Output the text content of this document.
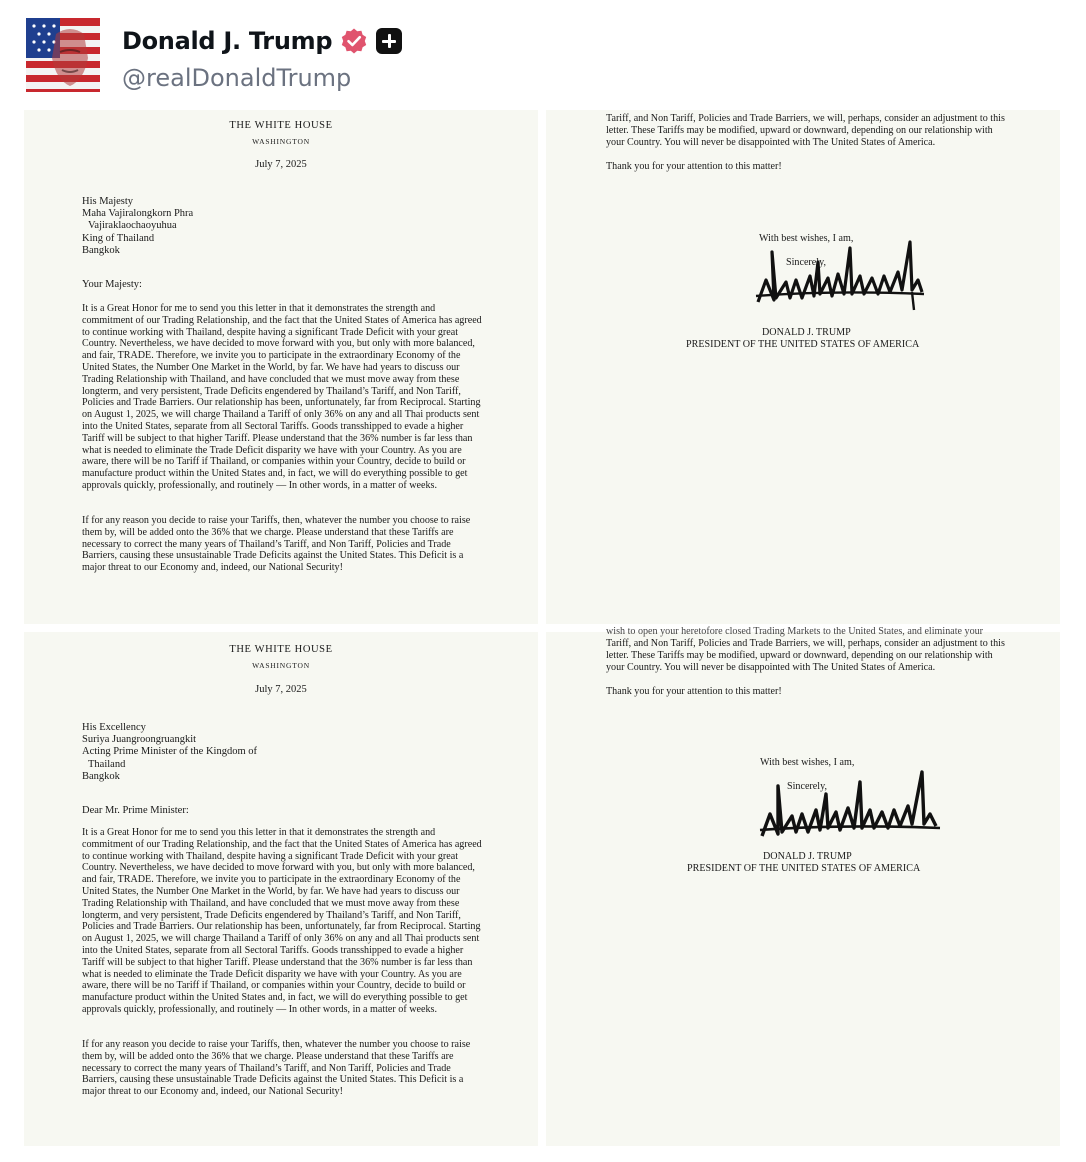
Donald J. Trump
@realDonaldTrump
THE WHITE HOUSE
WASHINGTON
July 7, 2025
His Majesty
Maha Vajiralongkorn Phra
Vajiraklaochaoyuhua
King of Thailand
Bangkok
Your Majesty:

It is a Great Honor for me to send you this letter in that it demonstrates the strength and commitment of our Trading Relationship, and the fact that the United States of America has agreed to continue working with Thailand, despite having a significant Trade Deficit with your great Country. Nevertheless, we have decided to move forward with you, but only with more balanced, and fair, TRADE. Therefore, we invite you to participate in the extraordinary Economy of the United States, the Number One Market in the World, by far. We have had years to discuss our Trading Relationship with Thailand, and have concluded that we must move away from these longterm, and very persistent, Trade Deficits engendered by Thailand’s Tariff, and Non Tariff, Policies and Trade Barriers. Our relationship has been, unfortunately, far from Reciprocal. Starting on August 1, 2025, we will charge Thailand a Tariff of only 36% on any and all Thai products sent into the United States, separate from all Sectoral Tariffs. Goods transshipped to evade a higher Tariff will be subject to that higher Tariff. Please understand that the 36% number is far less than what is needed to eliminate the Trade Deficit disparity we have with your Country. As you are aware, there will be no Tariff if Thailand, or companies within your Country, decide to build or manufacture product within the United States and, in fact, we will do everything possible to get approvals quickly, professionally, and routinely — In other words, in a matter of weeks.

If for any reason you decide to raise your Tariffs, then, whatever the number you choose to raise them by, will be added onto the 36% that we charge. Please understand that these Tariffs are necessary to correct the many years of Thailand’s Tariff, and Non Tariff, Policies and Trade Barriers, causing these unsustainable Trade Deficits against the United States. This Deficit is a major threat to our Economy and, indeed, our National Security!

Tariff, and Non Tariff, Policies and Trade Barriers, we will, perhaps, consider an adjustment to this letter. These Tariffs may be modified, upward or downward, depending on our relationship with your Country. You will never be disappointed with The United States of America.

Thank you for your attention to this matter!
With best wishes, I am,
Sincerely,
DONALD J. TRUMP
PRESIDENT OF THE UNITED STATES OF AMERICA
THE WHITE HOUSE
WASHINGTON
July 7, 2025
His Excellency
Suriya Juangroongruangkit
Acting Prime Minister of the Kingdom of
Thailand
Bangkok
Dear Mr. Prime Minister:

It is a Great Honor for me to send you this letter in that it demonstrates the strength and commitment of our Trading Relationship, and the fact that the United States of America has agreed to continue working with Thailand, despite having a significant Trade Deficit with your great Country. Nevertheless, we have decided to move forward with you, but only with more balanced, and fair, TRADE. Therefore, we invite you to participate in the extraordinary Economy of the United States, the Number One Market in the World, by far. We have had years to discuss our Trading Relationship with Thailand, and have concluded that we must move away from these longterm, and very persistent, Trade Deficits engendered by Thailand’s Tariff, and Non Tariff, Policies and Trade Barriers. Our relationship has been, unfortunately, far from Reciprocal. Starting on August 1, 2025, we will charge Thailand a Tariff of only 36% on any and all Thai products sent into the United States, separate from all Sectoral Tariffs. Goods transshipped to evade a higher Tariff will be subject to that higher Tariff. Please understand that the 36% number is far less than what is needed to eliminate the Trade Deficit disparity we have with your Country. As you are aware, there will be no Tariff if Thailand, or companies within your Country, decide to build or manufacture product within the United States and, in fact, we will do everything possible to get approvals quickly, professionally, and routinely — In other words, in a matter of weeks.

If for any reason you decide to raise your Tariffs, then, whatever the number you choose to raise them by, will be added onto the 36% that we charge. Please understand that these Tariffs are necessary to correct the many years of Thailand’s Tariff, and Non Tariff, Policies and Trade Barriers, causing these unsustainable Trade Deficits against the United States. This Deficit is a major threat to our Economy and, indeed, our National Security!

wish to open your heretofore closed Trading Markets to the United States, and eliminate your

Tariff, and Non Tariff, Policies and Trade Barriers, we will, perhaps, consider an adjustment to this letter. These Tariffs may be modified, upward or downward, depending on our relationship with your Country. You will never be disappointed with The United States of America.

Thank you for your attention to this matter!
With best wishes, I am,
Sincerely,
DONALD J. TRUMP
PRESIDENT OF THE UNITED STATES OF AMERICA
